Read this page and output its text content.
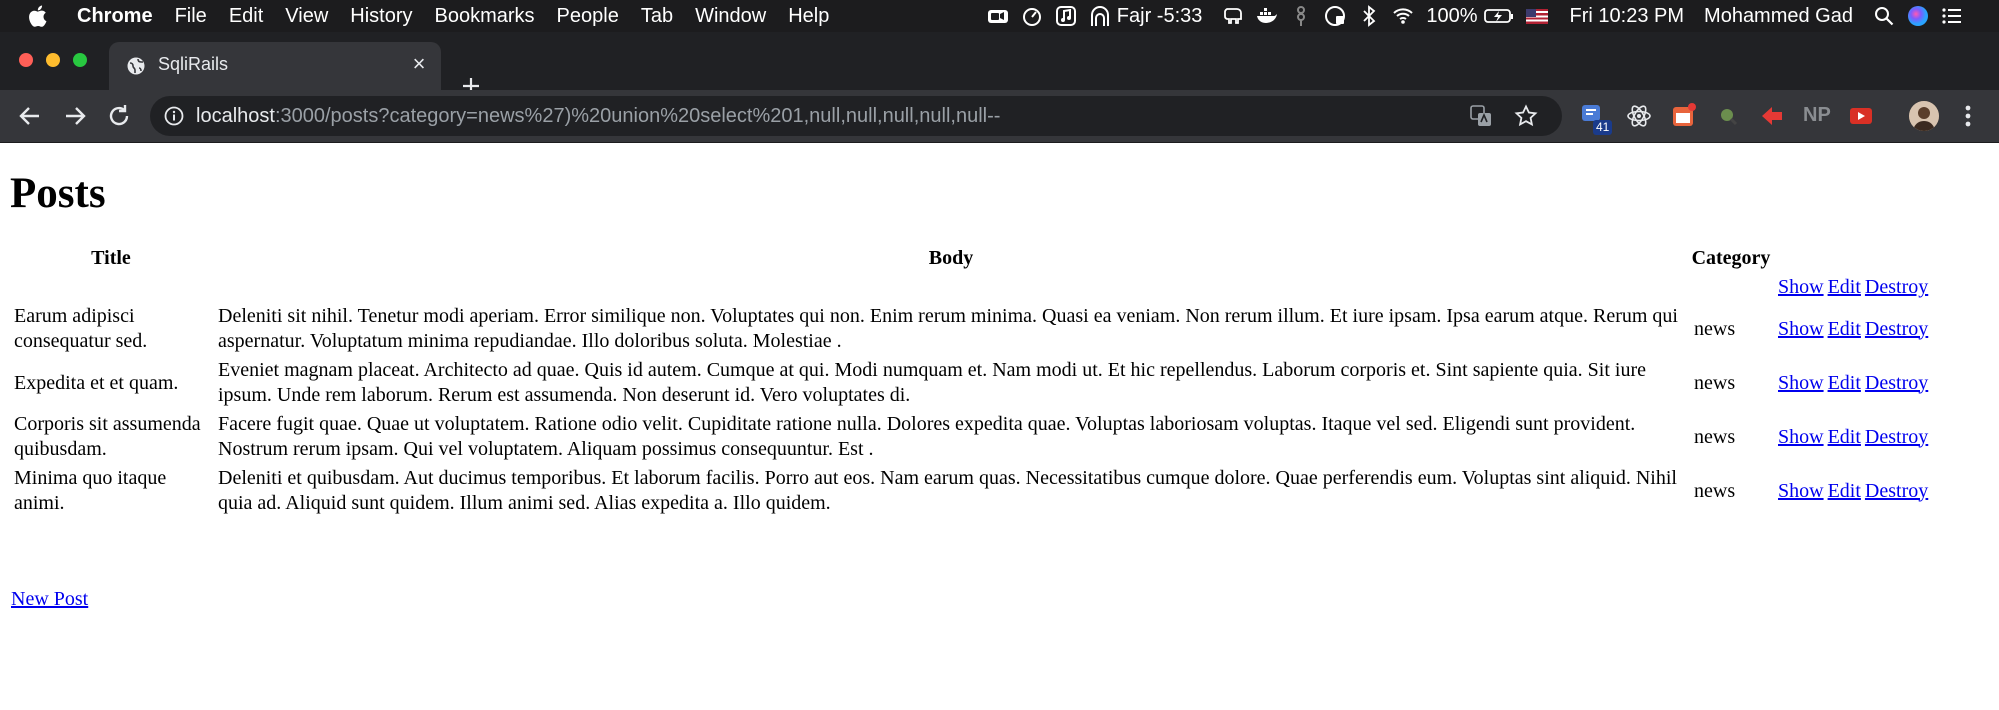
Chrome File Edit View History Bookmarks People Tab Window Help	Fajr -5:33	100%	Fri 10:23 PM Mohammed Gad
SqliRails	×
localhost:3000/posts?category=news%27)%20union%20select%201,null,null,null,null,null--	41
NP
Posts
Title	Body	Category			
			Show	Edit	Destroy
Earum adipisci consequatur sed.	Deleniti sit nihil. Tenetur modi aperiam. Error similique non. Voluptates qui non. Enim rerum minima. Quasi ea veniam. Non rerum illum. Et iure ipsam. Ipsa earum atque. Rerum qui aspernatur. Voluptatum minima repudiandae. Illo doloribus soluta. Molestiae .	news	Show	Edit	Destroy
Expedita et et quam.	Eveniet magnam placeat. Architecto ad quae. Quis id autem. Cumque at qui. Modi numquam et. Nam modi ut. Et hic repellendus. Laborum corporis et. Sint sapiente quia. Sit iure ipsum. Unde rem laborum. Rerum est assumenda. Non deserunt id. Vero voluptates di.	news	Show	Edit	Destroy
Corporis sit assumenda quibusdam.	Facere fugit quae. Quae ut voluptatem. Ratione odio velit. Cupiditate ratione nulla. Dolores expedita quae. Voluptas laboriosam voluptas. Itaque vel sed. Eligendi sunt provident. Nostrum rerum ipsam. Qui vel voluptatem. Aliquam possimus consequuntur. Est .	news	Show	Edit	Destroy
Minima quo itaque animi.	Deleniti et quibusdam. Aut ducimus temporibus. Et laborum facilis. Porro aut eos. Nam earum quas. Necessitatibus cumque dolore. Quae perferendis eum. Voluptas sint aliquid. Nihil quia ad. Aliquid sunt quidem. Illum animi sed. Alias expedita a. Illo quidem.	news	Show	Edit	Destroy
New Post
